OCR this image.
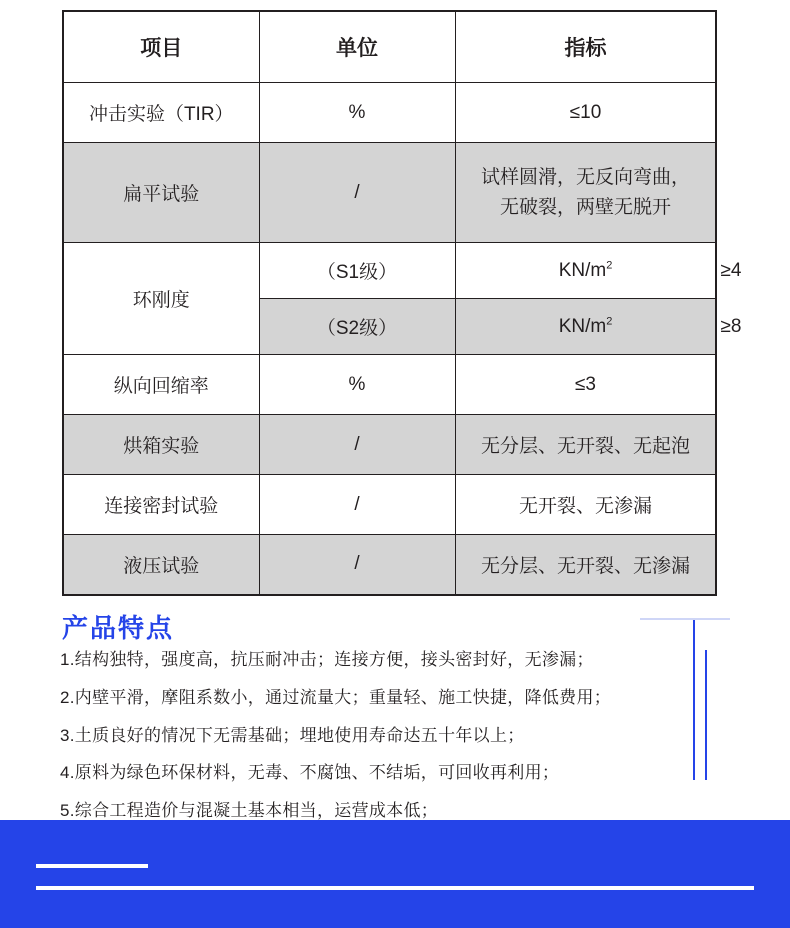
项目	单位	指标	
冲击实验（TIR）	%	≤10	
扁平试验	/	试样圆滑，无反向弯曲，
无破裂，两壁无脱开	

环刚度	（S1级）	$KN/m^2$	≥4
	（S2级）	$KN/m^2$	≥8
纵向回缩率	%	≤3	
烘箱实验	/	无分层、无开裂、无起泡	
连接密封试验	/	无开裂、无渗漏	
液压试验	/	无分层、无开裂、无渗漏	
产品特点
1.结构独特，强度高，抗压耐冲击；连接方便，接头密封好，无渗漏；
2.内壁平滑，摩阻系数小，通过流量大；重量轻、施工快捷，降低费用；
3.土质良好的情况下无需基础；埋地使用寿命达五十年以上；
4.原料为绿色环保材料，无毒、不腐蚀、不结垢，可回收再利用；
5.综合工程造价与混凝土基本相当，运营成本低；
